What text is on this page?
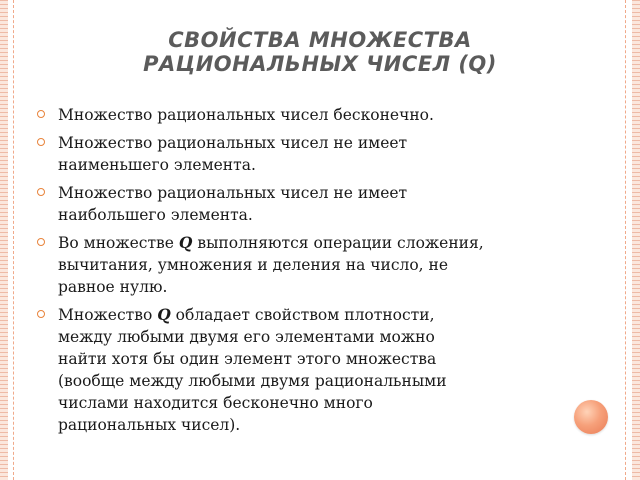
СВОЙСТВА МНОЖЕСТВА
РАЦИОНАЛЬНЫХ ЧИСЕЛ (Q)
Множество рациональных чисел бесконечно.
Множество рациональных чисел не имеет
наименьшего элемента.
Множество рациональных чисел не имеет
наибольшего элемента.
Во множестве Q выполняются операции сложения,
вычитания, умножения и деления на число, не
равное нулю.
Множество Q обладает свойством плотности,
между любыми двумя его элементами можно
найти хотя бы один элемент этого множества
(вообще между любыми двумя рациональными
числами находится бесконечно много
рациональных чисел).
